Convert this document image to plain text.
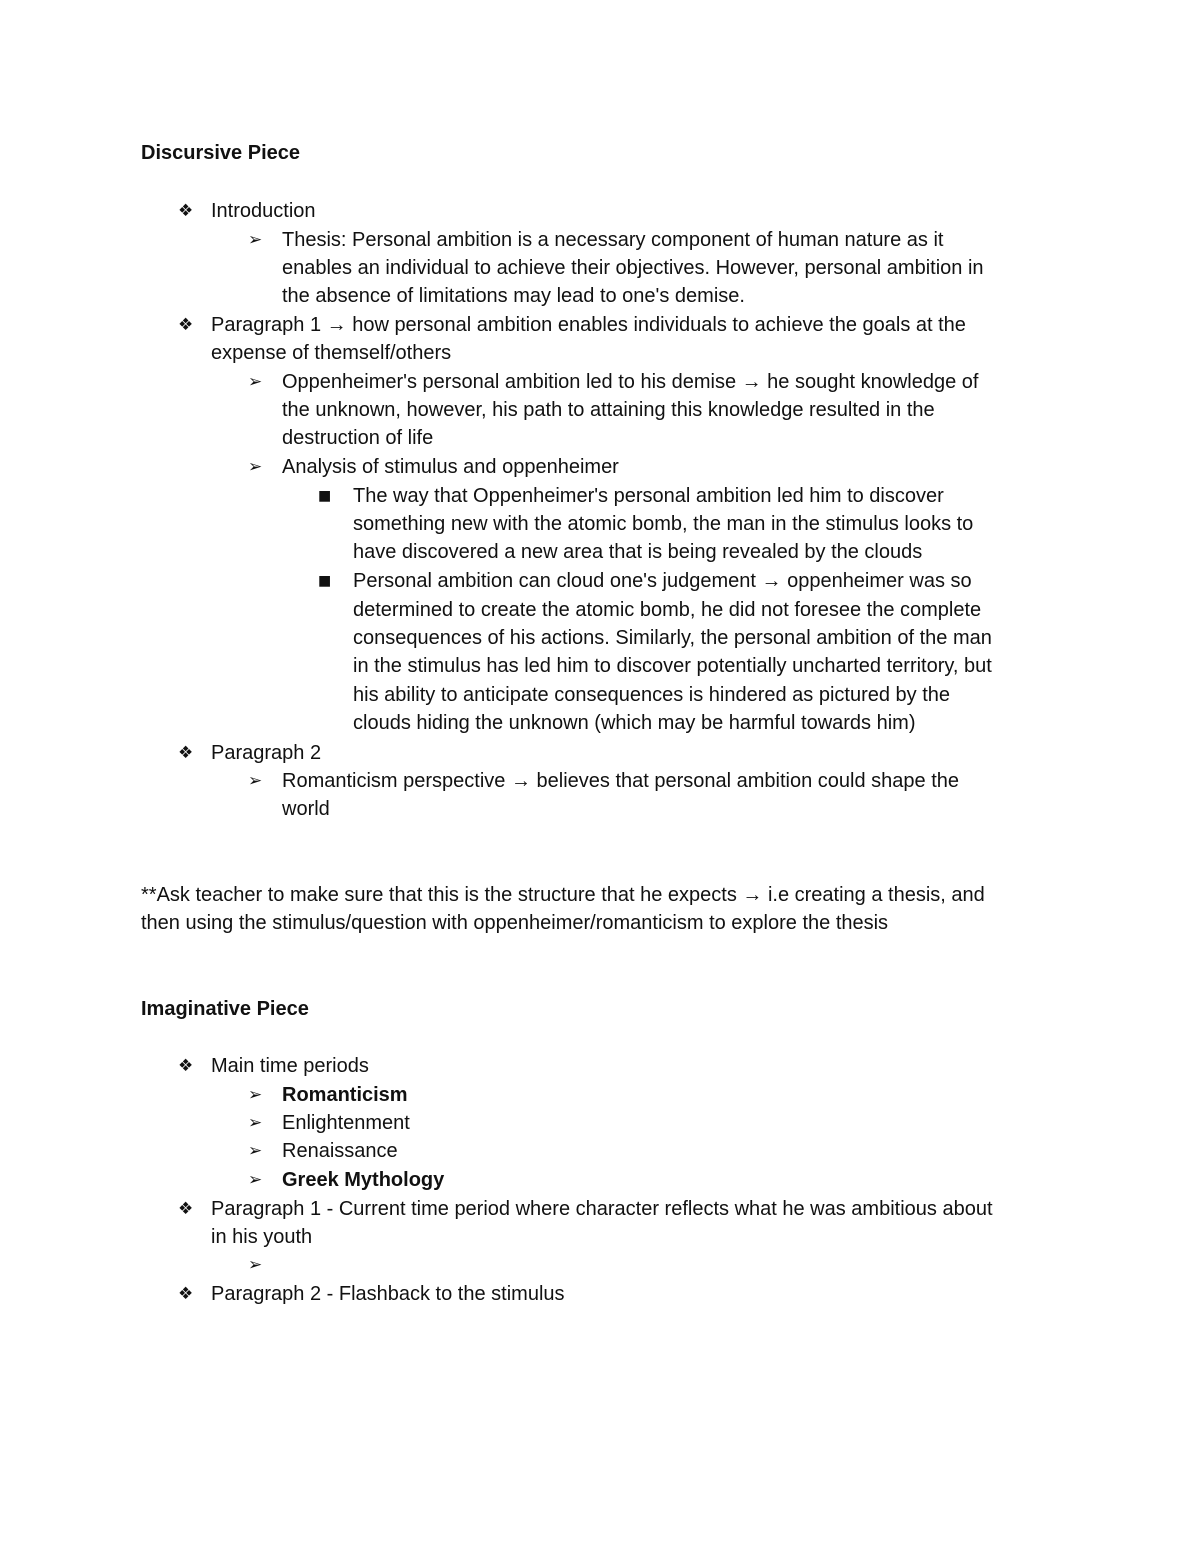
Discursive Piece
❖ Introduction
➢ Thesis: Personal ambition is a necessary component of human nature as it
enables an individual to achieve their objectives. However, personal ambition in
the absence of limitations may lead to one's demise.
❖ Paragraph 1 → how personal ambition enables individuals to achieve the goals at the
expense of themself/others
➢ Oppenheimer's personal ambition led to his demise → he sought knowledge of
the unknown, however, his path to attaining this knowledge resulted in the
destruction of life
➢ Analysis of stimulus and oppenheimer
■ The way that Oppenheimer's personal ambition led him to discover
something new with the atomic bomb, the man in the stimulus looks to
have discovered a new area that is being revealed by the clouds
■ Personal ambition can cloud one's judgement → oppenheimer was so
determined to create the atomic bomb, he did not foresee the complete
consequences of his actions. Similarly, the personal ambition of the man
in the stimulus has led him to discover potentially uncharted territory, but
his ability to anticipate consequences is hindered as pictured by the
clouds hiding the unknown (which may be harmful towards him)
❖ Paragraph 2
➢ Romanticism perspective → believes that personal ambition could shape the
world
**Ask teacher to make sure that this is the structure that he expects → i.e creating a thesis, and
then using the stimulus/question with oppenheimer/romanticism to explore the thesis
Imaginative Piece
❖ Main time periods
➢ Romanticism
➢ Enlightenment
➢ Renaissance
➢ Greek Mythology
❖ Paragraph 1 - Current time period where character reflects what he was ambitious about
in his youth
➢
❖ Paragraph 2 - Flashback to the stimulus
